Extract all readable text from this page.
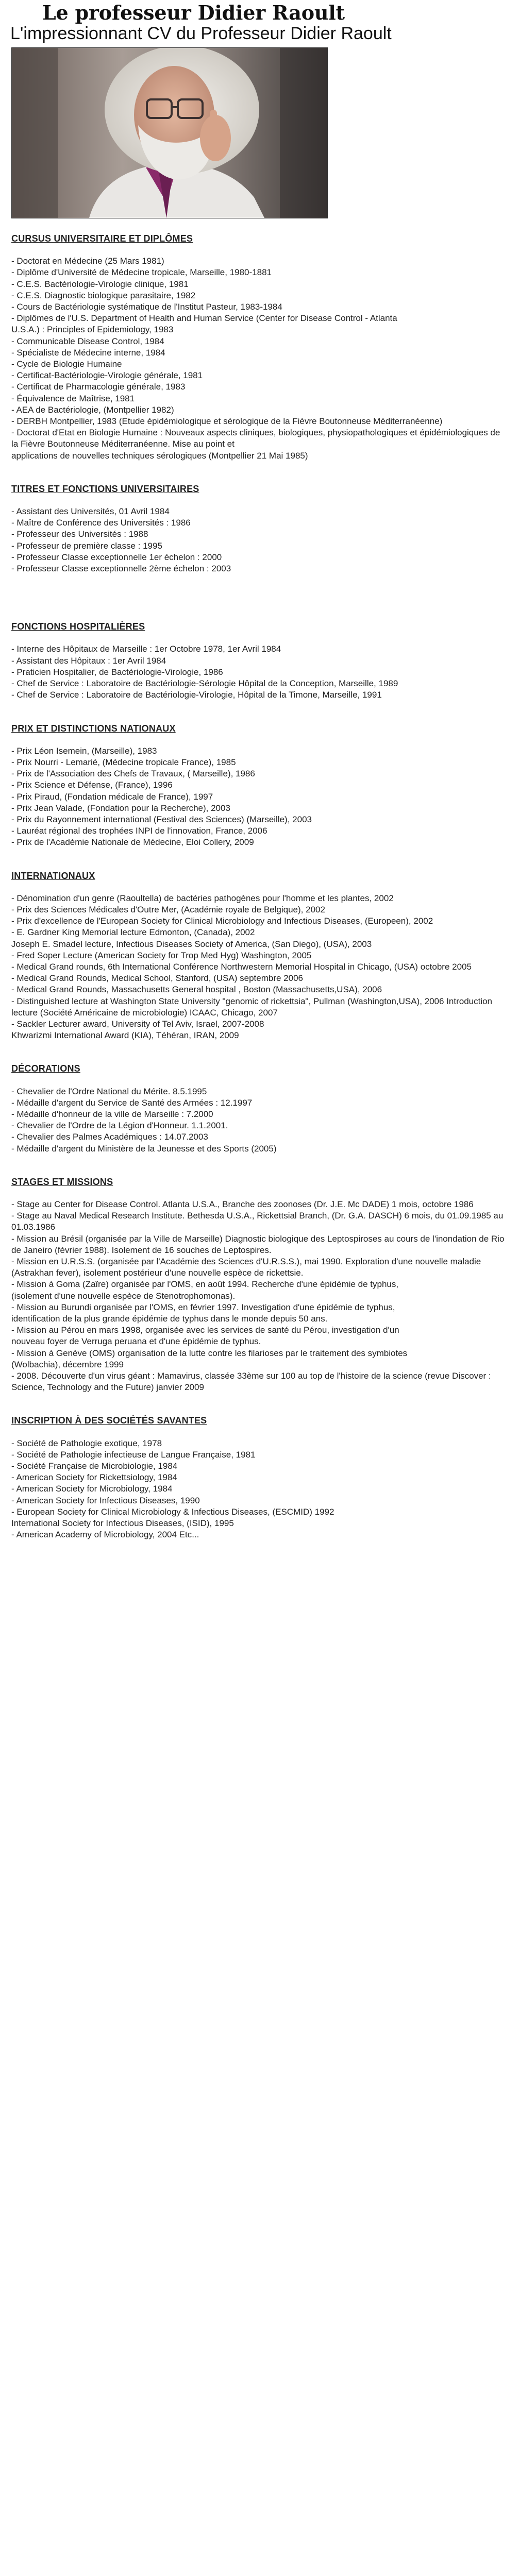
Le professeur Didier Raoult
L'impressionnant CV du Professeur Didier Raoult
CURSUS UNIVERSITAIRE ET DIPLÔMES
- Doctorat en Médecine (25 Mars 1981)
- Diplôme d'Université de Médecine tropicale, Marseille, 1980-1881
- C.E.S. Bactériologie-Virologie clinique, 1981
- C.E.S. Diagnostic biologique parasitaire, 1982
- Cours de Bactériologie systématique de l'Institut Pasteur, 1983-1984
- Diplômes de l'U.S. Department of Health and Human Service (Center for Disease Control - Atlanta
U.S.A.) : Principles of Epidemiology, 1983
- Communicable Disease Control, 1984
- Spécialiste de Médecine interne, 1984
- Cycle de Biologie Humaine
- Certificat-Bactériologie-Virologie générale, 1981
- Certificat de Pharmacologie générale, 1983
- Équivalence de Maîtrise, 1981
- AEA de Bactériologie, (Montpellier 1982)
- DERBH Montpellier, 1983 (Etude épidémiologique et sérologique de la Fièvre Boutonneuse Méditerranéenne)
- Doctorat d'Etat en Biologie Humaine : Nouveaux aspects cliniques, biologiques, physiopathologiques et épidémiologiques de la Fièvre Boutonneuse Méditerranéenne. Mise au point et
applications de nouvelles techniques sérologiques (Montpellier 21 Mai 1985)
TITRES ET FONCTIONS UNIVERSITAIRES
- Assistant des Universités, 01 Avril 1984
- Maître de Conférence des Universités : 1986
- Professeur des Universités : 1988
- Professeur de première classe : 1995
- Professeur Classe exceptionnelle 1er échelon : 2000
- Professeur Classe exceptionnelle 2ème échelon : 2003
FONCTIONS HOSPITALIÈRES
- Interne des Hôpitaux de Marseille : 1er Octobre 1978, 1er Avril 1984
- Assistant des Hôpitaux : 1er Avril 1984
- Praticien Hospitalier, de Bactériologie-Virologie, 1986
- Chef de Service : Laboratoire de Bactériologie-Sérologie Hôpital de la Conception, Marseille, 1989
- Chef de Service : Laboratoire de Bactériologie-Virologie, Hôpital de la Timone, Marseille, 1991
PRIX ET DISTINCTIONS NATIONAUX
- Prix Léon Isemein, (Marseille), 1983
- Prix Nourri - Lemarié, (Médecine tropicale France), 1985
- Prix de l'Association des Chefs de Travaux, ( Marseille), 1986
- Prix Science et Défense, (France), 1996
- Prix Piraud, (Fondation médicale de France), 1997
- Prix Jean Valade, (Fondation pour la Recherche), 2003
- Prix du Rayonnement international (Festival des Sciences) (Marseille), 2003
- Lauréat régional des trophées INPI de l'innovation, France, 2006
- Prix de l'Académie Nationale de Médecine, Eloi Collery, 2009
INTERNATIONAUX
- Dénomination d'un genre (Raoultella) de bactéries pathogènes pour l'homme et les plantes, 2002
- Prix des Sciences Médicales d'Outre Mer, (Académie royale de Belgique), 2002
- Prix d'excellence de l'European Society for Clinical Microbiology and Infectious Diseases, (Europeen), 2002
- E. Gardner King Memorial lecture Edmonton, (Canada), 2002
Joseph E. Smadel lecture, Infectious Diseases Society of America, (San Diego), (USA), 2003
- Fred Soper Lecture (American Society for Trop Med Hyg) Washington, 2005
- Medical Grand rounds, 6th International Conférence Northwestern Memorial Hospital in Chicago, (USA) octobre 2005
- Medical Grand Rounds, Medical School, Stanford, (USA) septembre 2006
- Medical Grand Rounds, Massachusetts General hospital , Boston (Massachusetts,USA), 2006
- Distinguished lecture at Washington State University "genomic of rickettsia", Pullman (Washington,USA), 2006 Introduction lecture (Société Américaine de microbiologie) ICAAC, Chicago, 2007
- Sackler Lecturer award, University of Tel Aviv, Israel, 2007-2008
Khwarizmi International Award (KIA), Téhéran, IRAN, 2009
DÉCORATIONS
- Chevalier de l'Ordre National du Mérite. 8.5.1995
- Médaille d'argent du Service de Santé des Armées : 12.1997
- Médaille d'honneur de la ville de Marseille : 7.2000
- Chevalier de l'Ordre de la Légion d'Honneur. 1.1.2001.
- Chevalier des Palmes Académiques : 14.07.2003
- Médaille d'argent du Ministère de la Jeunesse et des Sports (2005)
STAGES ET MISSIONS
- Stage au Center for Disease Control. Atlanta U.S.A., Branche des zoonoses (Dr. J.E. Mc DADE) 1 mois, octobre 1986
- Stage au Naval Medical Research Institute. Bethesda U.S.A., Rickettsial Branch, (Dr. G.A. DASCH) 6 mois, du 01.09.1985 au 01.03.1986
- Mission au Brésil (organisée par la Ville de Marseille) Diagnostic biologique des Leptospiroses au cours de l'inondation de Rio de Janeiro (février 1988). Isolement de 16 souches de Leptospires.
- Mission en U.R.S.S. (organisée par l'Académie des Sciences d'U.R.S.S.), mai 1990. Exploration d'une nouvelle maladie (Astrakhan fever), isolement postérieur d'une nouvelle espèce de rickettsie.
- Mission à Goma (Zaïre) organisée par l'OMS, en août 1994. Recherche d'une épidémie de typhus,
(isolement d'une nouvelle espèce de Stenotrophomonas).
- Mission au Burundi organisée par l'OMS, en février 1997. Investigation d'une épidémie de typhus,
identification de la plus grande épidémie de typhus dans le monde depuis 50 ans.
- Mission au Pérou en mars 1998, organisée avec les services de santé du Pérou, investigation d'un
nouveau foyer de Verruga peruana et d'une épidémie de typhus.
- Mission à Genève (OMS) organisation de la lutte contre les filarioses par le traitement des symbiotes
(Wolbachia), décembre 1999
- 2008. Découverte d'un virus géant : Mamavirus, classée 33ème sur 100 au top de l'histoire de la science (revue Discover : Science, Technology and the Future) janvier 2009
INSCRIPTION À DES SOCIÉTÉS SAVANTES
- Société de Pathologie exotique, 1978
- Société de Pathologie infectieuse de Langue Française, 1981
- Société Française de Microbiologie, 1984
- American Society for Rickettsiology, 1984
- American Society for Microbiology, 1984
- American Society for Infectious Diseases, 1990
- European Society for Clinical Microbiology & Infectious Diseases, (ESCMID) 1992
International Society for Infectious Diseases, (ISID), 1995
- American Academy of Microbiology, 2004 Etc...
